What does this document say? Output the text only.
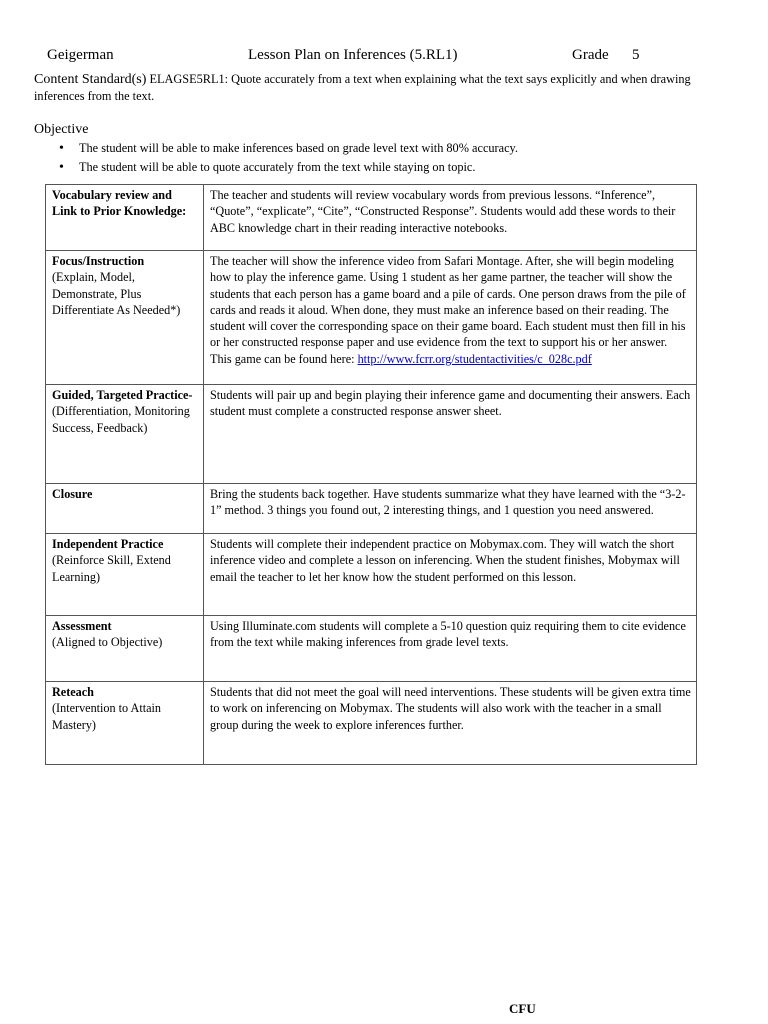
Geigerman	Lesson Plan on Inferences (5.RL1)	Grade 5
Content Standard(s) ELAGSE5RL1: Quote accurately from a text when explaining what the text says explicitly and when drawing inferences from the text.
Objective
• The student will be able to make inferences based on grade level text with 80% accuracy.
• The student will be able to quote accurately from the text while staying on topic.
Vocabulary review and Link to Prior Knowledge:	The teacher and students will review vocabulary words from previous lessons. “Inference”, “Quote”, “explicate”, “Cite”, “Constructed Response”. Students would add these words to their ABC knowledge chart in their reading interactive notebooks.

Focus/Instruction
(Explain, Model, Demonstrate, Plus Differentiate As Needed*)	The teacher will show the inference video from Safari Montage. After, she will begin modeling how to play the inference game. Using 1 student as her game partner, the teacher will show the students that each person has a game board and a pile of cards. One person draws from the pile of cards and reads it aloud. When done, they must make an inference based on their reading. The student will cover the corresponding space on their game board. Each student must then fill in his or her constructed response paper and use evidence from the text to support his or her answer. This game can be found here: http://www.fcrr.org/studentactivities/c_028c.pdf

Guided, Targeted Practice-
(Differentiation, Monitoring Success, Feedback)	Students will pair up and begin playing their inference game and documenting their answers. Each student must complete a constructed response answer sheet.

Closure	Bring the students back together. Have students summarize what they have learned with the “3-2-1” method. 3 things you found out, 2 interesting things, and 1 question you need answered.

Independent Practice
(Reinforce Skill, Extend Learning)	Students will complete their independent practice on Mobymax.com. They will watch the short inference video and complete a lesson on inferencing. When the student finishes, Mobymax will email the teacher to let her know how the student performed on this lesson.

Assessment
(Aligned to Objective)	Using Illuminate.com students will complete a 5-10 question quiz requiring them to cite evidence from the text while making inferences from grade level texts.

Reteach
(Intervention to Attain Mastery)	Students that did not meet the goal will need interventions. These students will be given extra time to work on inferencing on Mobymax. The students will also work with the teacher in a small group during the week to explore inferences further.
CFU
